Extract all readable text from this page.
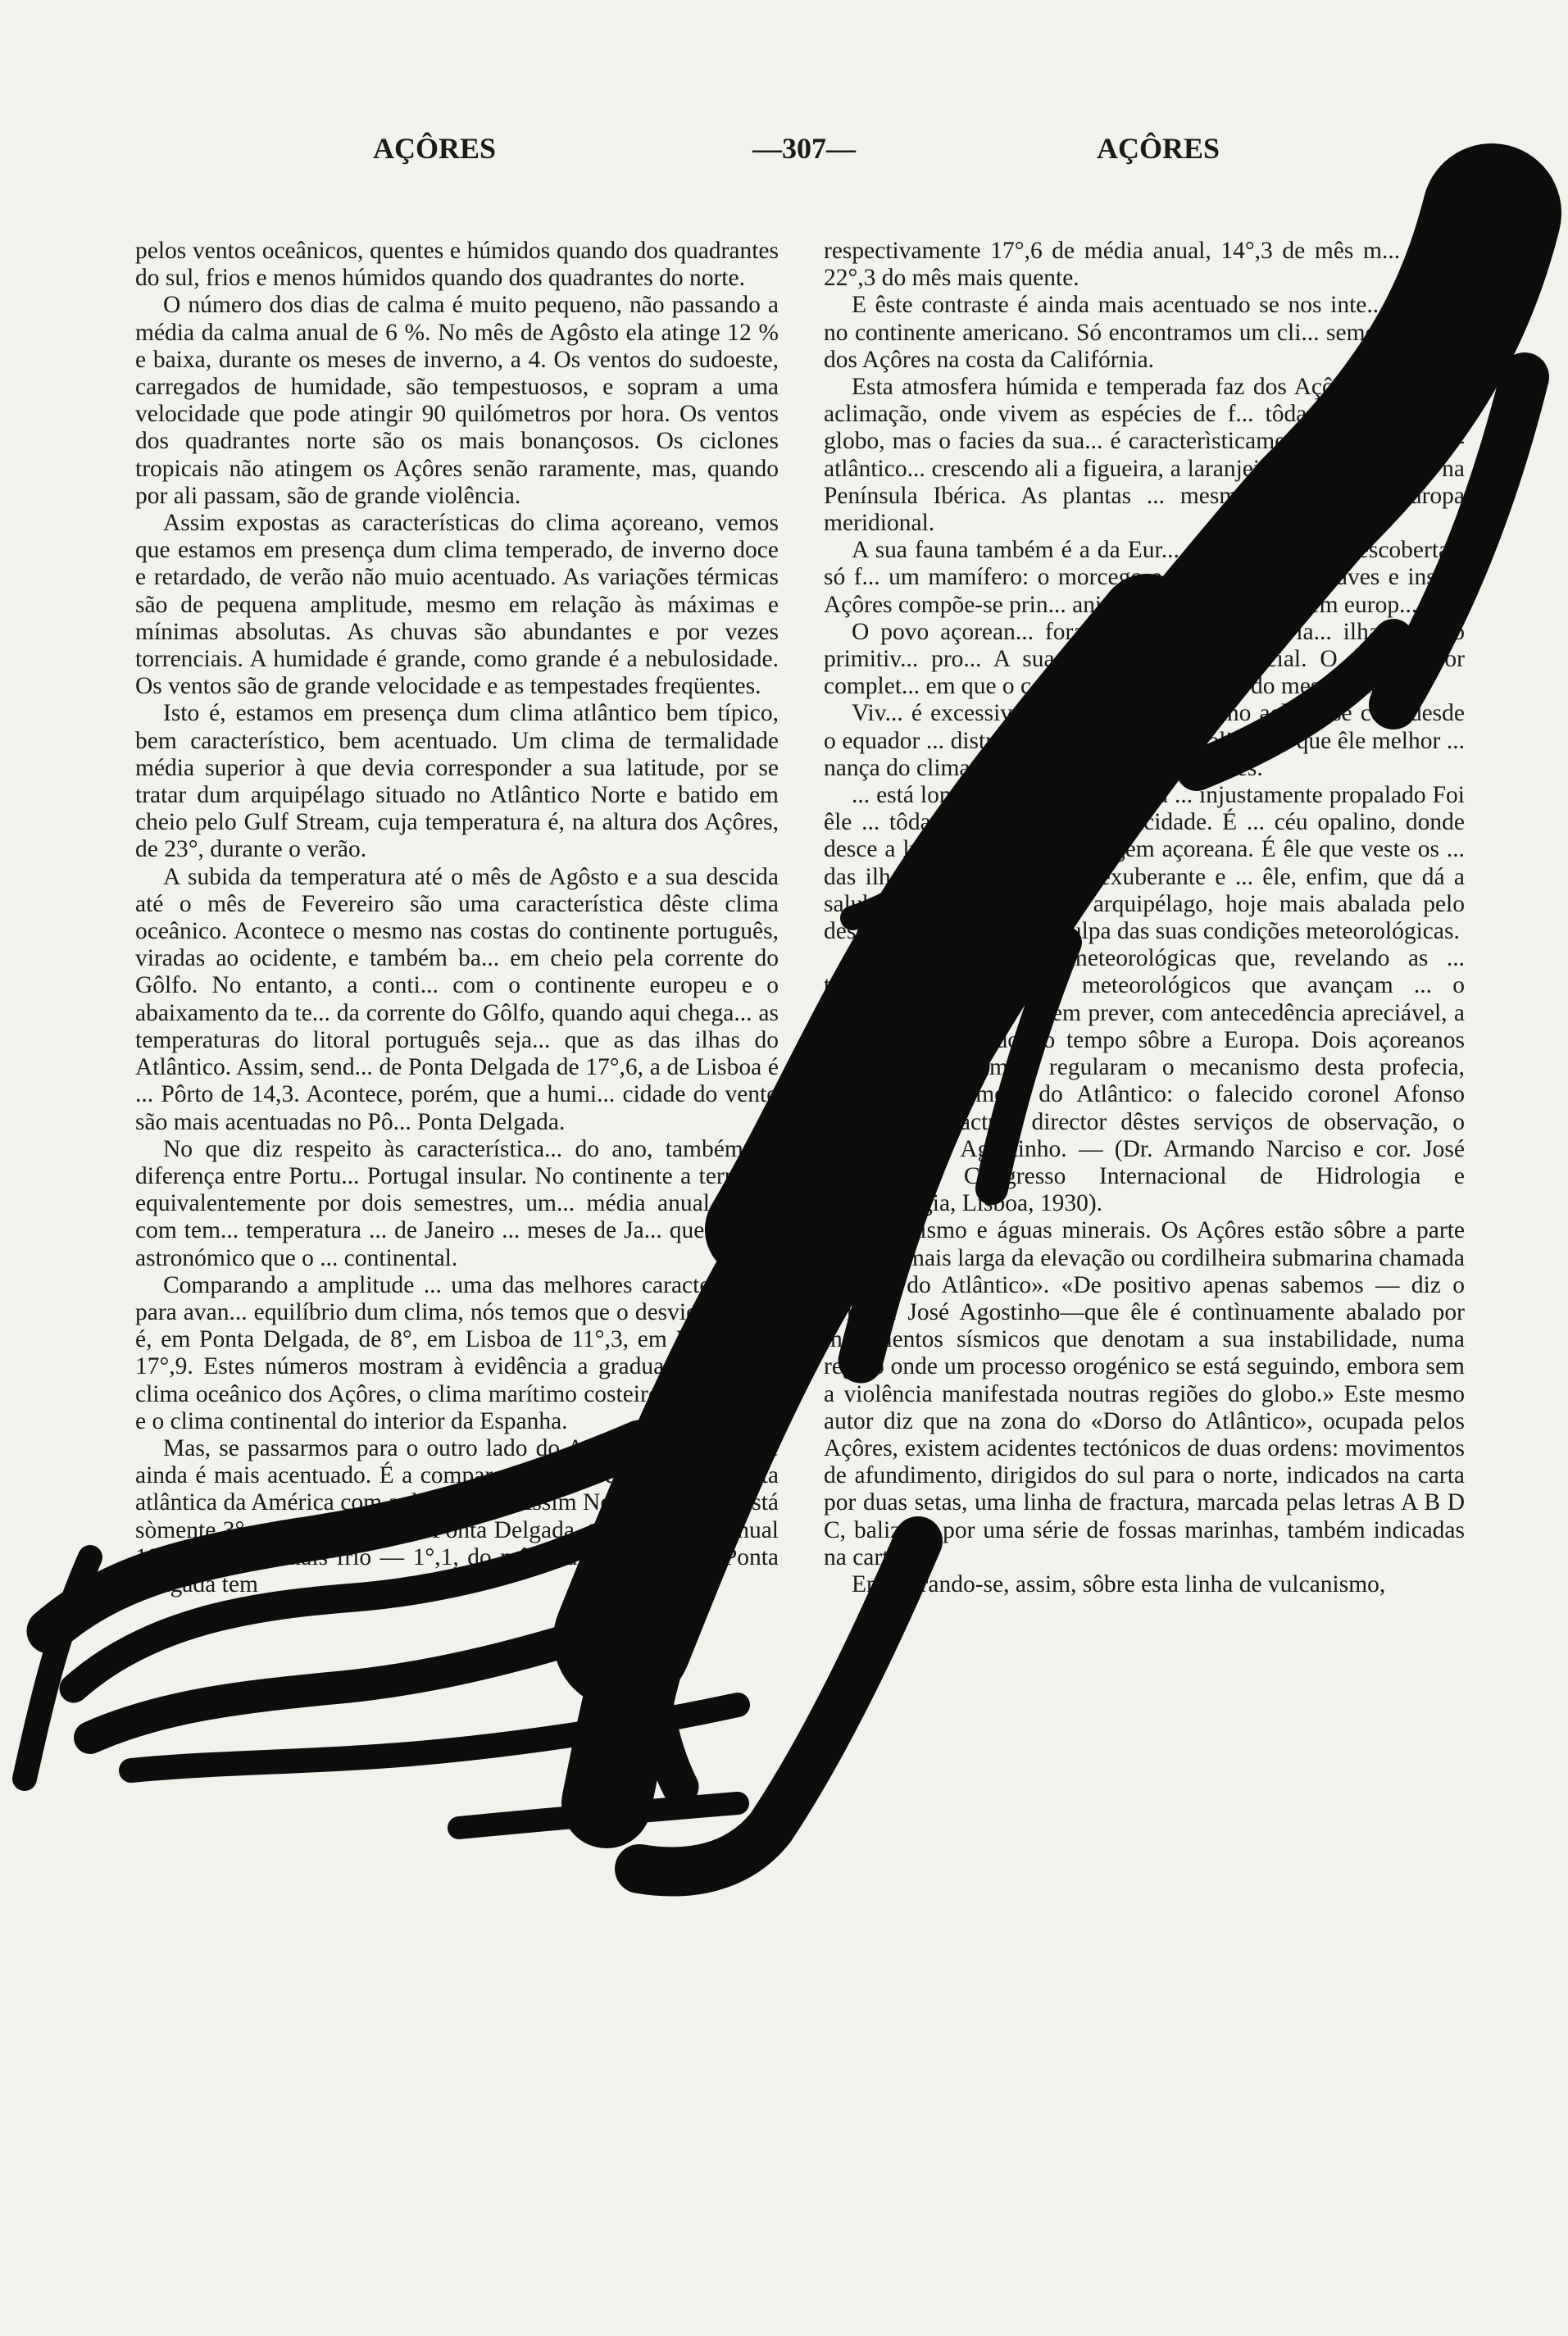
AÇÔRES	—307—	AÇÔRES

pelos ventos oceânicos, quentes e húmidos quando dos quadrantes do sul, frios e menos húmidos quando dos quadrantes do norte.

O número dos dias de calma é muito pequeno, não passando a média da calma anual de 6 %. No mês de Agôsto ela atinge 12 % e baixa, durante os meses de inverno, a 4. Os ventos do sudoeste, carregados de humidade, são tempestuosos, e sopram a uma velocidade que pode atingir 90 quilómetros por hora. Os ventos dos quadrantes norte são os mais bonançosos. Os ciclones tropicais não atingem os Açôres senão raramente, mas, quando por ali passam, são de grande violência.

Assim expostas as características do clima açoreano, vemos que estamos em presença dum clima temperado, de inverno doce e retardado, de verão não muio acentuado. As variações térmicas são de pequena amplitude, mesmo em relação às máximas e mínimas absolutas. As chuvas são abundantes e por vezes torrenciais. A humidade é grande, como grande é a nebulosidade. Os ventos são de grande velocidade e as tempestades freqüentes.

Isto é, estamos em presença dum clima atlântico bem típico, bem característico, bem acentuado. Um clima de termalidade média superior à que devia corresponder a sua latitude, por se tratar dum arquipélago situado no Atlântico Norte e batido em cheio pelo Gulf Stream, cuja temperatura é, na altura dos Açôres, de 23°, durante o verão.

A subida da temperatura até o mês de Agôsto e a sua descida até o mês de Fevereiro são uma característica dêste clima oceânico. Acontece o mesmo nas costas do continente português, viradas ao ocidente, e também ba... em cheio pela corrente do Gôlfo. No entanto, a conti... com o continente europeu e o abaixamento da te... da corrente do Gôlfo, quando aqui chega... as temperaturas do litoral português seja... que as das ilhas do Atlântico. Assim, send... de Ponta Delgada de 17°,6, a de Lisboa é ... Pôrto de 14,3. Acontece, porém, que a humi... cidade do vento são mais acentuadas no Pô... Ponta Delgada.

No que diz respeito às característica... do ano, também há diferença entre Portu... Portugal insular. No continente a termal... equivalentemente por dois semestres, um... média anual, outro com tem... temperatura ... de Janeiro ... meses de Ja... que o inv... astronómico que o ... continental.

Comparando a amplitude ... uma das melhores características para avan... equilíbrio dum clima, nós temos que o desvio térmico é, em Ponta Delgada, de 8°, em Lisboa de 11°,3, em Madrid de 17°,9. Estes números mostram à evidência a graduação entre o clima oceânico dos Açôres, o clima marítimo costeiro de Portugal e o clima continental do interior da Espanha.

Mas, se passarmos para o outro lado do Atlântico, o contraste ainda é mais acentuado. É a comparação banal do clima da costa atlântica da América com a da Europa. Assim Nova York, que está sòmente 3° mais ao norte que Ponta Delgada, tem de média anual 10°,6, do mês mais frio — 1°,1, do mês mais quente 23°. Ponta Delgada tem

respectivamente 17°,6 de média anual, 14°,3 de mês m... frio e 22°,3 do mês mais quente.

E êste contraste é ainda mais acentuado se nos inte... narmos no continente americano. Só encontramos um cli... semelhante ao dos Açôres na costa da Califórnia.

Esta atmosfera húmida e temperada faz dos Açôr... parque de aclimação, onde vivem as espécies de f... tôdas as regiões do globo, mas o facies da sua... é caracterìsticamente mediterrânico-atlântico... crescendo ali a figueira, a laranjeira e a vin... vivem na Península Ibérica. As plantas ... mesmas de tôda a Europa meridional.

A sua fauna também é a da Eur... África. Quando descobertas, só f... um mamífero: o morcego e... quási tôdas as aves e inse... Açôres compõe-se prin... animais domes... de origem europ...

O povo açorean... foram de... tugal e da Fla... ilha t... tipo primitiv... pro... A sua habita... estilo especial. O... quási por complet... em que o contraste das ... asse-se do mesmo modo

Viv... é excessivamente quen... açoreano aclima-se co... desde o equador ... distribuído pelas duas ... Califórnia que êle melhor ... nança do clima desta costa ... nas dos Açôres.

... está longe de ser aquêle clima ... injustamente propalado Foi êle ... tôda a sua energia e tenacidade. É ... céu opalino, donde desce a luz suave e ... a paisagem açoreana. É êle que veste os ... das ilhas da sua vegetação exuberante e ... êle, enfim, que dá a salubridade tradicional ... arquipélago, hoje mais abalada pelo descuido dos ... que por culpa das suas condições meteorológicas.

... estas condições meteorológicas que, revelando as ... terísticas dos factores meteorológicos que avançam ... o continente europeu, fazem prever, com antecedência apreciável, a evolução do estado do tempo sôbre a Europa. Dois açoreanos ilustres estudaram e regularam o mecanismo desta profecia, anunciada do meio do Atlântico: o falecido coronel Afonso Chaves e o actual director dêstes serviços de observação, o coronel José Agostinho. — (Dr. Armando Narciso e cor. José Agostinho, Congresso Internacional de Hidrologia e Climatologia, Lisboa, 1930).

Vulcanismo e águas minerais. Os Açôres estão sôbre a parte média e mais larga da elevação ou cordilheira submarina chamada «Dorso do Atlântico». «De positivo apenas sabemos — diz o coronel José Agostinho—que êle é contìnuamente abalado por movimentos sísmicos que denotam a sua instabilidade, numa região onde um processo orogénico se está seguindo, embora sem a violência manifestada noutras regiões do globo.» Este mesmo autor diz que na zona do «Dorso do Atlântico», ocupada pelos Açôres, existem acidentes tectónicos de duas ordens: movimentos de afundimento, dirigidos do sul para o norte, indicados na carta por duas setas, uma linha de fractura, marcada pelas letras A B D C, balizada por uma série de fossas marinhas, também indicadas na carta.

Encontrando-se, assim, sôbre esta linha de vulcanismo,
